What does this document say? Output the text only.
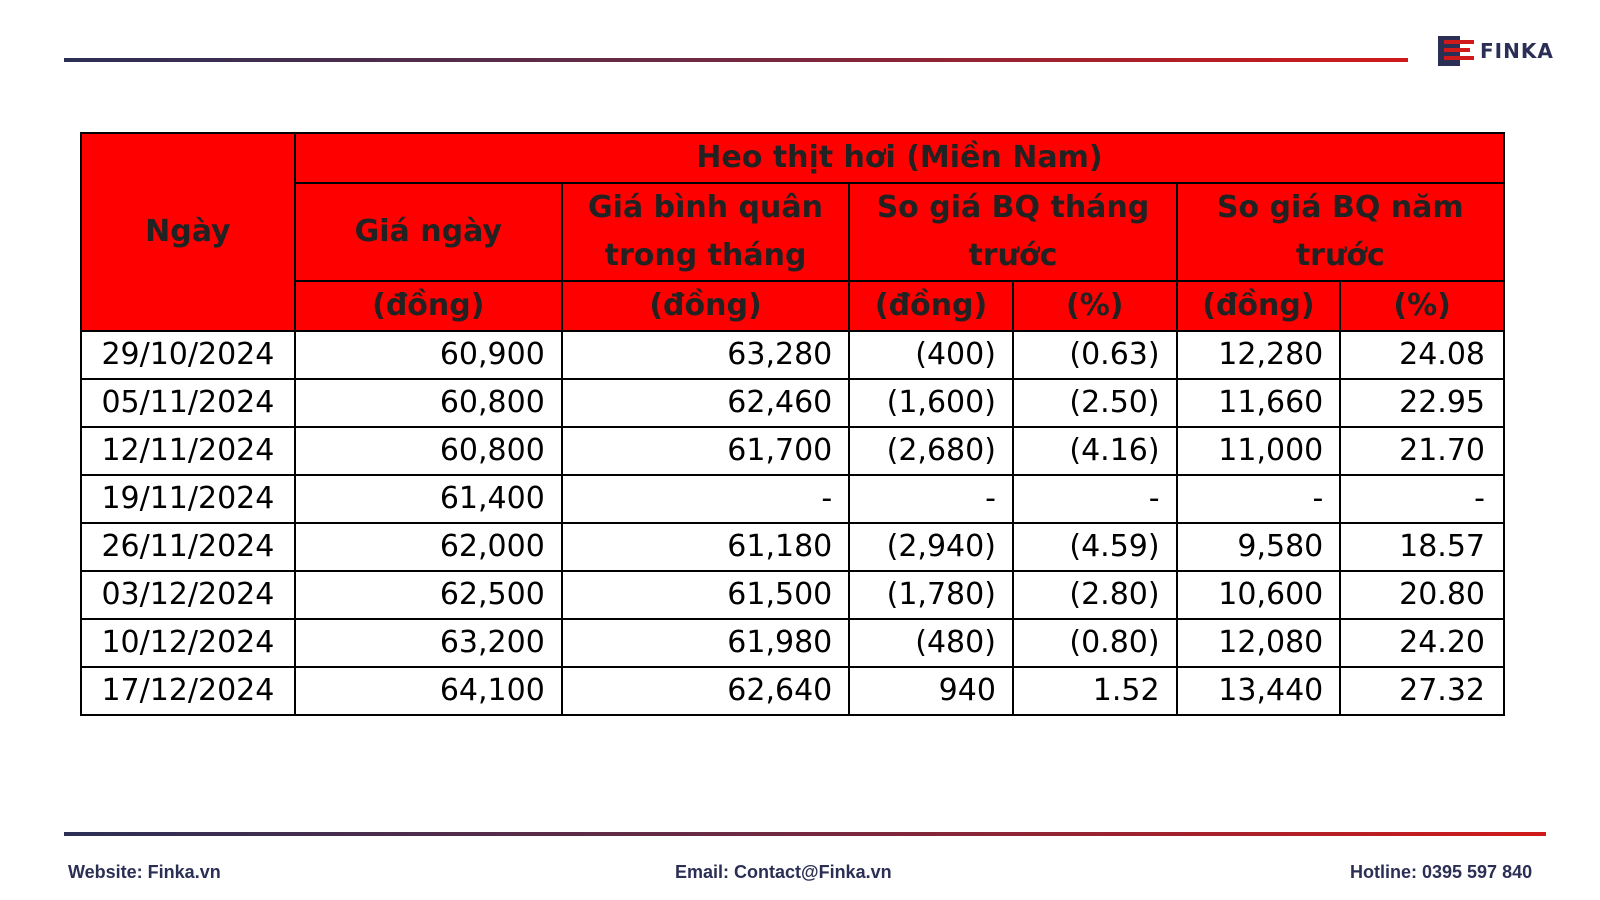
FINKA
Ngày	Heo thịt hơi (Miền Nam)					
	Giá ngày	Giá bình quân trong tháng	So giá BQ tháng trước		So giá BQ năm trước	
	(đồng)	(đồng)	(đồng)	(%)	(đồng)	(%)
29/10/2024	60,900	63,280	(400)	(0.63)	12,280	24.08
05/11/2024	60,800	62,460	(1,600)	(2.50)	11,660	22.95
12/11/2024	60,800	61,700	(2,680)	(4.16)	11,000	21.70
19/11/2024	61,400	-	-	-	-	-
26/11/2024	62,000	61,180	(2,940)	(4.59)	9,580	18.57
03/12/2024	62,500	61,500	(1,780)	(2.80)	10,600	20.80
10/12/2024	63,200	61,980	(480)	(0.80)	12,080	24.20
17/12/2024	64,100	62,640	940	1.52	13,440	27.32
Website: Finka.vn	Email: Contact@Finka.vn	Hotline: 0395 597 840
